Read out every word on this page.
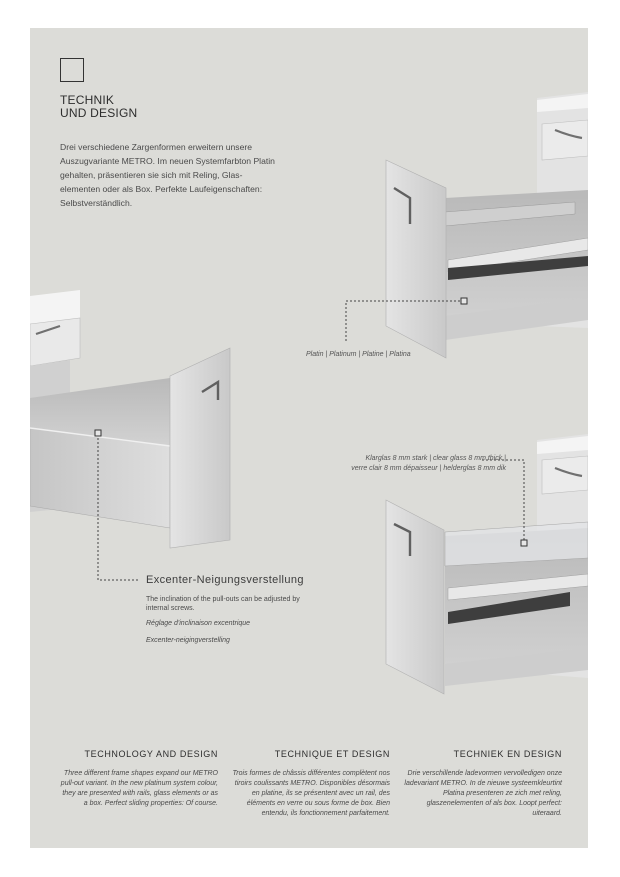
TECHNIK
UND DESIGN
Drei verschiedene Zargenformen erweitern unsere Auszugvariante METRO. Im neuen Systemfarbton Platin gehalten, präsentieren sie sich mit Reling, Glas-elementen oder als Box. Perfekte Laufeigenschaften: Selbstverständlich.
Platin | Platinum | Platine | Platina
Klarglas 8 mm stark | clear glass 8 mm thick |
verre clair 8 mm dépaisseur | helderglas 8 mm dik
Excenter-Neigungsverstellung
The inclination of the pull-outs can be adjusted by internal screws.
Réglage d'inclinaison excentrique
Excenter-neigingverstelling
TECHNOLOGY AND DESIGN
Three different frame shapes expand our METRO pull-out variant. In the new platinum system colour, they are presented with rails, glass elements or as a box. Perfect sliding properties: Of course.
TECHNIQUE ET DESIGN
Trois formes de châssis différentes complètent nos tiroirs coulissants METRO. Disponibles désormais en platine, ils se présentent avec un rail, des éléments en verre ou sous forme de box. Bien entendu, ils fonctionnement parfaitement.
TECHNIEK EN DESIGN
Drie verschillende ladevormen vervolledigen onze ladevariant METRO. In de nieuwe systeemkleurtint Platina presenteren ze zich met reling, glaszenelementen of als box. Loopt perfect: uiteraard.
